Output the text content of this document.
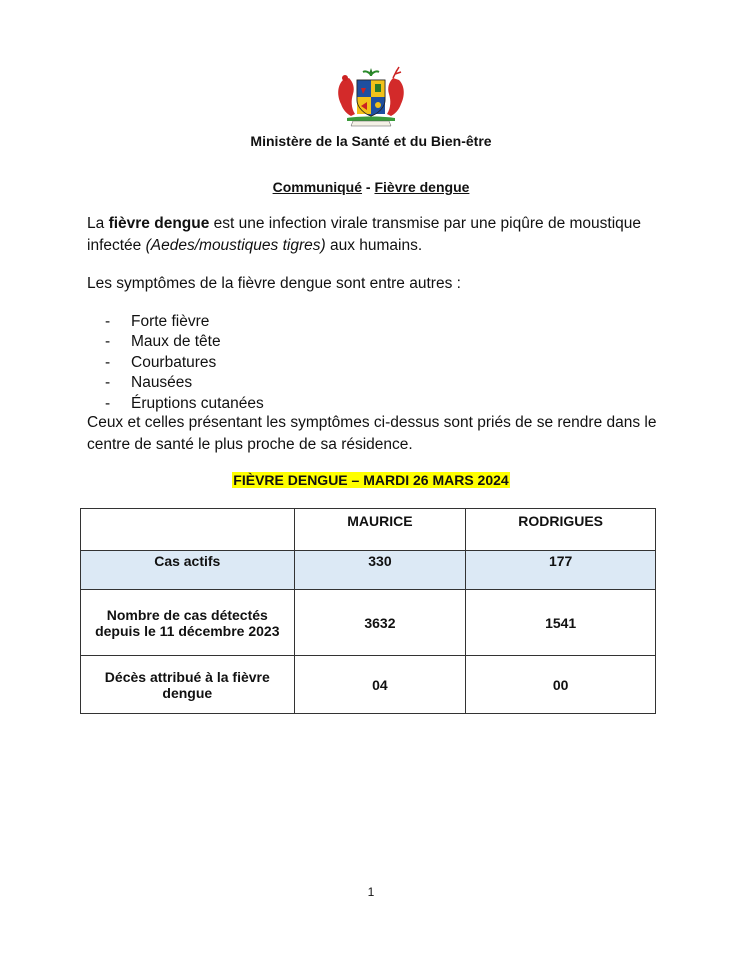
Ministère de la Santé et du Bien-être
Communiqué - Fièvre dengue

La fièvre dengue est une infection virale transmise par une piqûre de moustique infectée (Aedes/moustiques tigres) aux humains.

Les symptômes de la fièvre dengue sont entre autres :

- Forte fièvre
- Maux de tête
- Courbatures
- Nausées
- Éruptions cutanées

Ceux et celles présentant les symptômes ci-dessus sont priés de se rendre dans le centre de santé le plus proche de sa résidence.

FIÈVRE DENGUE – MARDI 26 MARS 2024
	MAURICE	RODRIGUES
Cas actifs	330	177
Nombre de cas détectés depuis le 11 décembre 2023	3632	1541
Décès attribué à la fièvre dengue	04	00
1
